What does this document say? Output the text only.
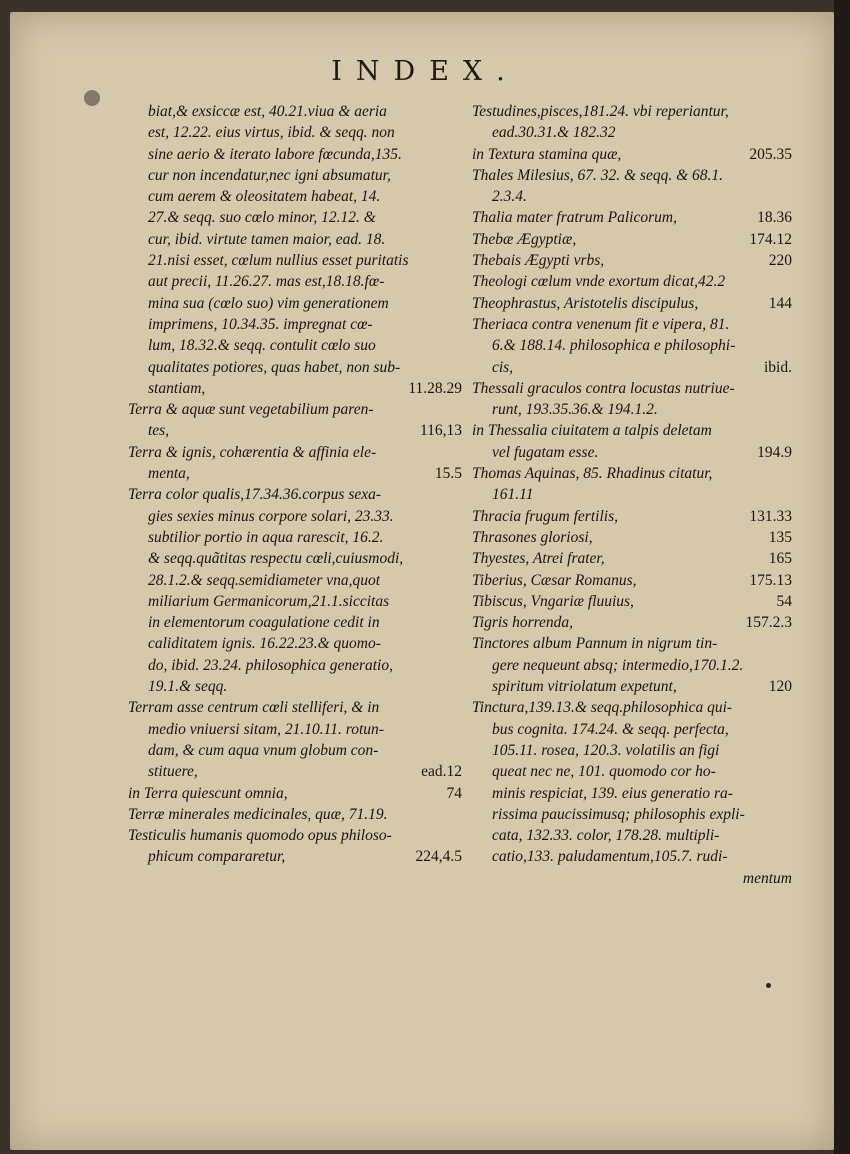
INDEX.
biat,& exsiccæ est, 40.21.viua & aeria
est, 12.22. eius virtus, ibid. & seqq. non
sine aerio & iterato labore fœcunda,135.
cur non incendatur,nec igni absumatur,
cum aerem & oleositatem habeat, 14.
27.& seqq. suo cœlo minor, 12.12. &
cur, ibid. virtute tamen maior, ead. 18.
21.nisi esset, cœlum nullius esset puritatis
aut precii, 11.26.27. mas est,18.18.fœ-
mina sua (cœlo suo) vim generationem
imprimens, 10.34.35. impregnat cœ-
lum, 18.32.& seqq. contulit cœlo suo
qualitates potiores, quas habet, non sub-
stantiam,	11.28.29
Terra & aquæ sunt vegetabilium paren-
tes,	116,13
Terra & ignis, cohærentia & affinia ele-
menta,	15.5
Terra color qualis,17.34.36.corpus sexa-
gies sexies minus corpore solari, 23.33.
subtilior portio in aqua rarescit, 16.2.
& seqq.quãtitas respectu cœli,cuiusmodi,
28.1.2.& seqq.semidiameter vna,quot
miliarium Germanicorum,21.1.siccitas
in elementorum coagulatione cedit in
caliditatem ignis. 16.22.23.& quomo-
do, ibid. 23.24. philosophica generatio,
19.1.& seqq.
Terram asse centrum cœli stelliferi, & in
medio vniuersi sitam, 21.10.11. rotun-
dam, & cum aqua vnum globum con-
stituere,	ead.12
in Terra quiescunt omnia,	74
Terræ minerales medicinales, quæ, 71.19.
Testiculis humanis quomodo opus philoso-
phicum compararetur,	224,4.5
Testudines,pisces,181.24. vbi reperiantur,
ead.30.31.& 182.32
in Textura stamina quæ,	205.35
Thales Milesius, 67. 32. & seqq. & 68.1.
2.3.4.
Thalia mater fratrum Palicorum,	18.36
Thebæ Ægyptiæ,	174.12
Thebais Ægypti vrbs,	220
Theologi cœlum vnde exortum dicat,42.2
Theophrastus, Aristotelis discipulus,	144
Theriaca contra venenum fit e vipera, 81.
6.& 188.14. philosophica e philosophi-
cis,	ibid.
Thessali graculos contra locustas nutriue-
runt, 193.35.36.& 194.1.2.
in Thessalia ciuitatem a talpis deletam
vel fugatam esse.	194.9
Thomas Aquinas, 85. Rhadinus citatur,
161.11
Thracia frugum fertilis,	131.33
Thrasones gloriosi,	135
Thyestes, Atrei frater,	165
Tiberius, Cæsar Romanus,	175.13
Tibiscus, Vngariæ fluuius,	54
Tigris horrenda,	157.2.3
Tinctores album Pannum in nigrum tin-
gere nequeunt absq; intermedio,170.1.2.
spiritum vitriolatum expetunt,	120
Tinctura,139.13.& seqq.philosophica qui-
bus cognita. 174.24. & seqq. perfecta,
105.11. rosea, 120.3. volatilis an figi
queat nec ne, 101. quomodo cor ho-
minis respiciat, 139. eius generatio ra-
rissima paucissimusq; philosophis expli-
cata, 132.33. color, 178.28. multipli-
catio,133. paludamentum,105.7. rudi-
mentum
